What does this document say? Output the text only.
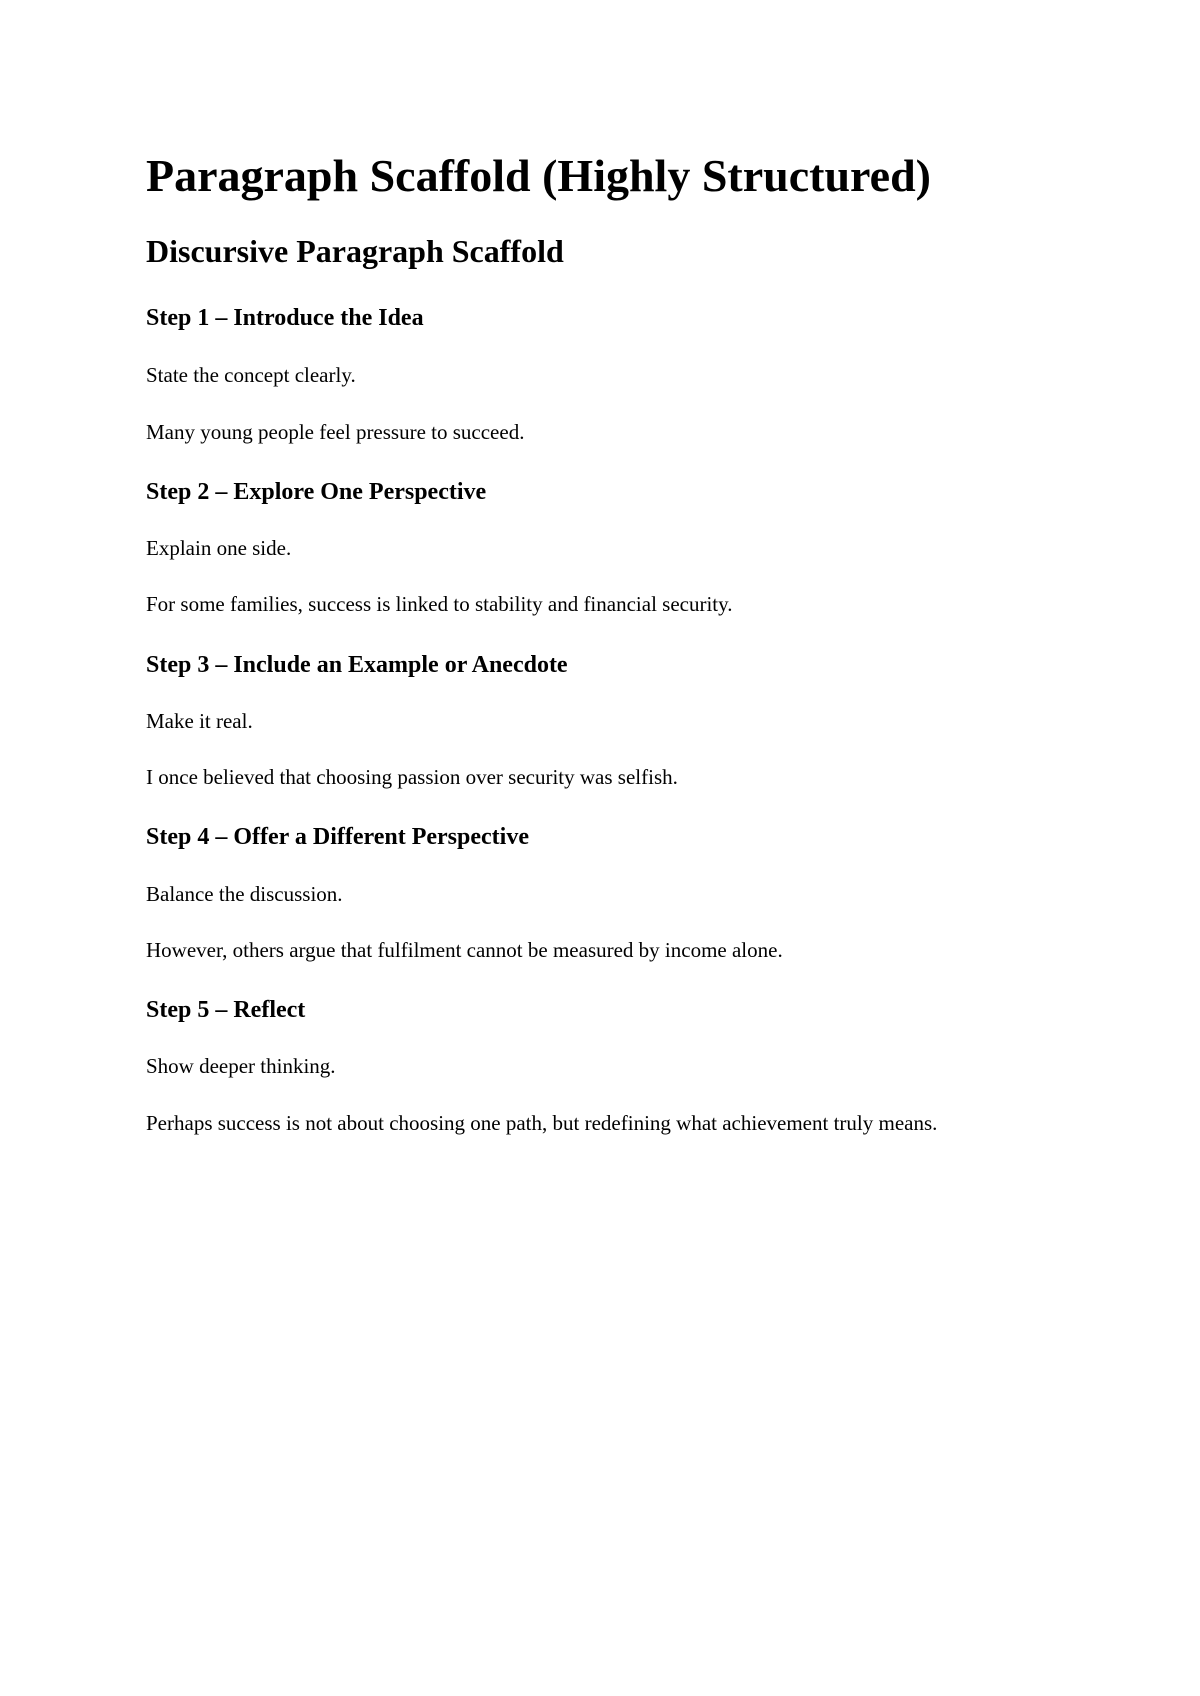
Paragraph Scaffold (Highly Structured)
Discursive Paragraph Scaffold
Step 1 – Introduce the Idea

State the concept clearly.

Many young people feel pressure to succeed.

Step 2 – Explore One Perspective

Explain one side.

For some families, success is linked to stability and financial security.

Step 3 – Include an Example or Anecdote

Make it real.

I once believed that choosing passion over security was selfish.

Step 4 – Offer a Different Perspective

Balance the discussion.

However, others argue that fulfilment cannot be measured by income alone.

Step 5 – Reflect

Show deeper thinking.

Perhaps success is not about choosing one path, but redefining what achievement truly means.
